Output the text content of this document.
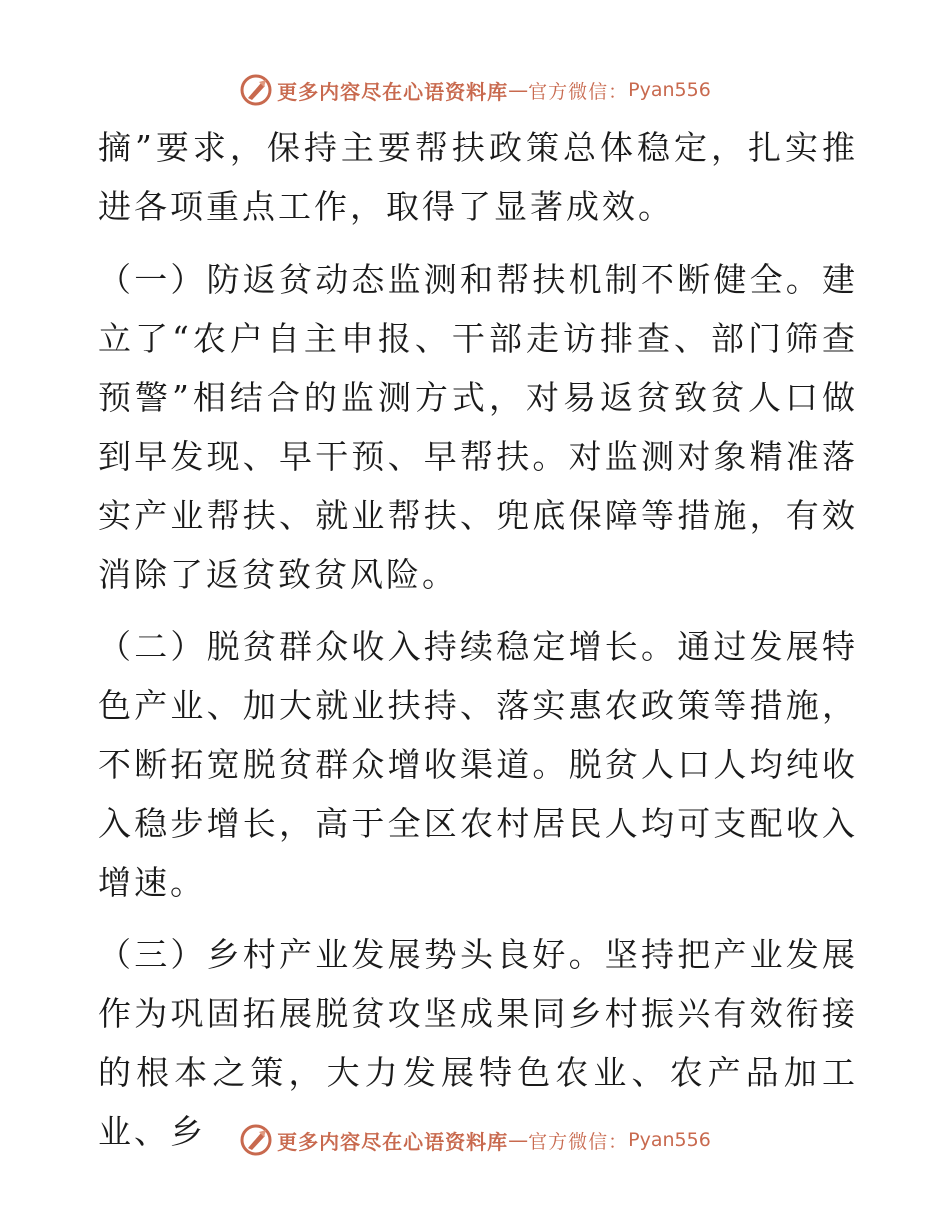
更多内容尽在心语资料库 — 官方微信： Pyan556

摘”要求，保持主要帮扶政策总体稳定，扎实推进各项重点工作，取得了显著成效。

（一）防返贫动态监测和帮扶机制不断健全。建立了“农户自主申报、干部走访排查、部门筛查预警”相结合的监测方式，对易返贫致贫人口做到早发现、早干预、早帮扶。对监测对象精准落实产业帮扶、就业帮扶、兜底保障等措施，有效消除了返贫致贫风险。

（二）脱贫群众收入持续稳定增长。通过发展特色产业、加大就业扶持、落实惠农政策等措施，不断拓宽脱贫群众增收渠道。脱贫人口人均纯收入稳步增长，高于全区农村居民人均可支配收入增速。

（三）乡村产业发展势头良好。坚持把产业发展作为巩固拓展脱贫攻坚成果同乡村振兴有效衔接的根本之策，大力发展特色农业、农产品加工业、乡	更多内容尽在心语资料库 — 官方微信： Pyan556
